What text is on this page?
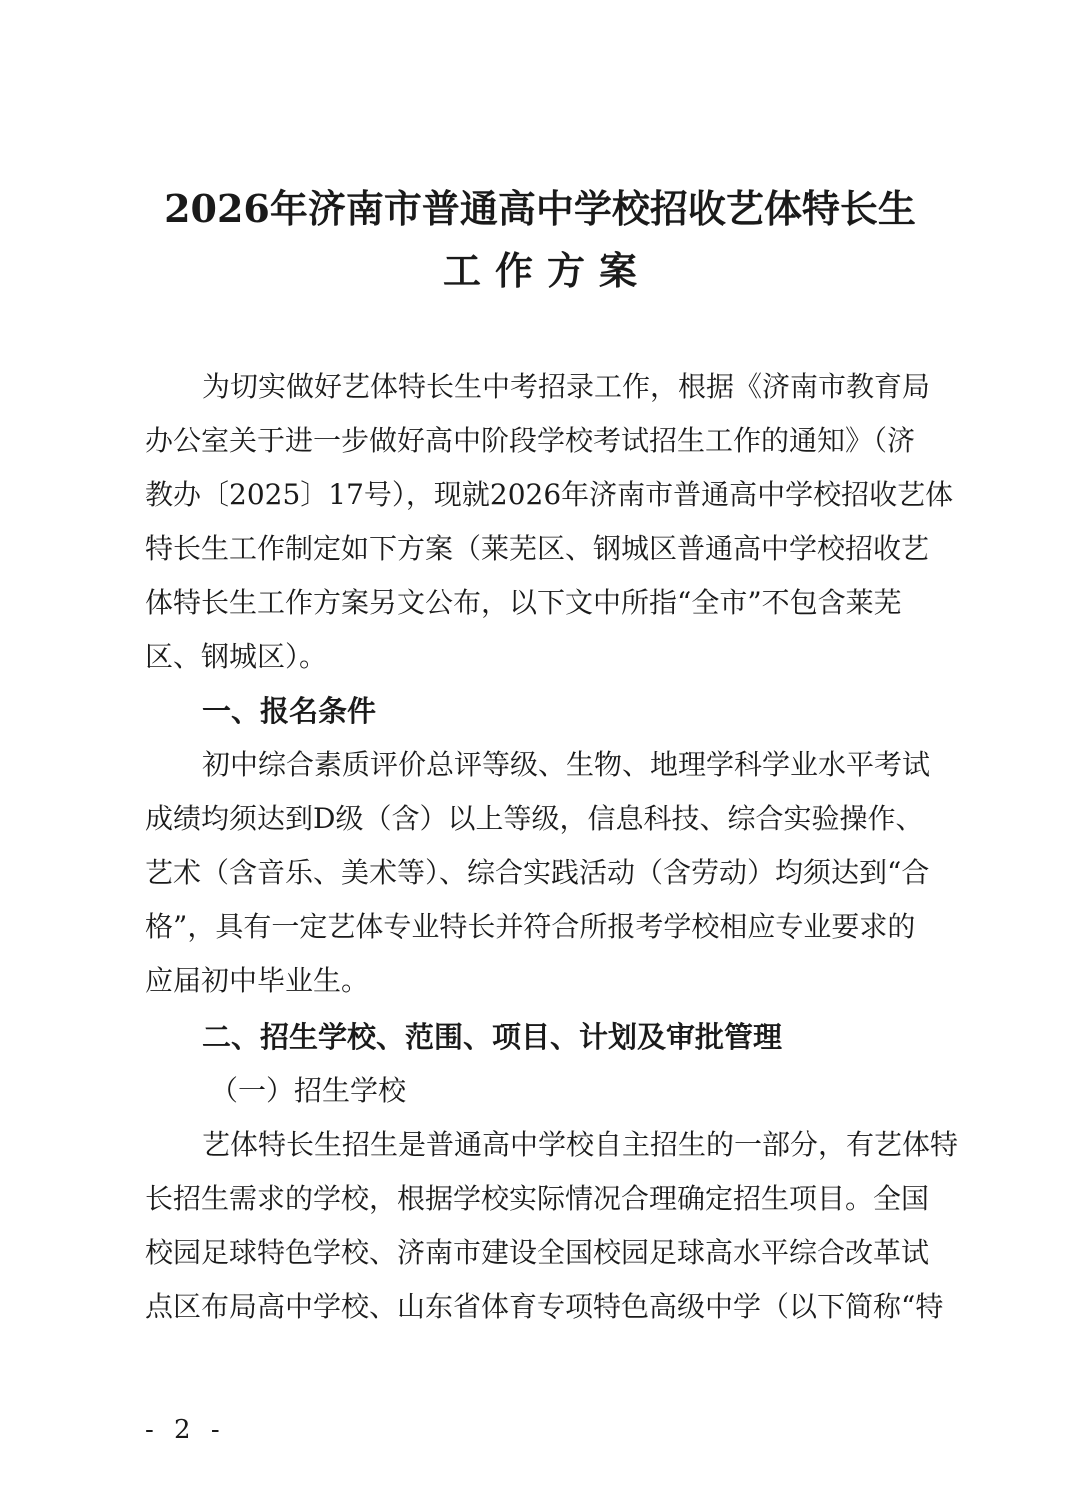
2026年济南市普通高中学校招收艺体特长生
工作方案
为切实做好艺体特长生中考招录工作，根据《济南市教育局
办公室关于进一步做好高中阶段学校考试招生工作的通知》（济
教办〔2025〕17号），现就2026年济南市普通高中学校招收艺体
特长生工作制定如下方案（莱芜区、钢城区普通高中学校招收艺
体特长生工作方案另文公布，以下文中所指“全市”不包含莱芜
区、钢城区）。
一、报名条件
初中综合素质评价总评等级、生物、地理学科学业水平考试
成绩均须达到D级（含）以上等级，信息科技、综合实验操作、
艺术（含音乐、美术等）、综合实践活动（含劳动）均须达到“合
格”，具有一定艺体专业特长并符合所报考学校相应专业要求的
应届初中毕业生。
二、招生学校、范围、项目、计划及审批管理
（一）招生学校
艺体特长生招生是普通高中学校自主招生的一部分，有艺体特
长招生需求的学校，根据学校实际情况合理确定招生项目。全国
校园足球特色学校、济南市建设全国校园足球高水平综合改革试
点区布局高中学校、山东省体育专项特色高级中学（以下简称“特
- 2 -
